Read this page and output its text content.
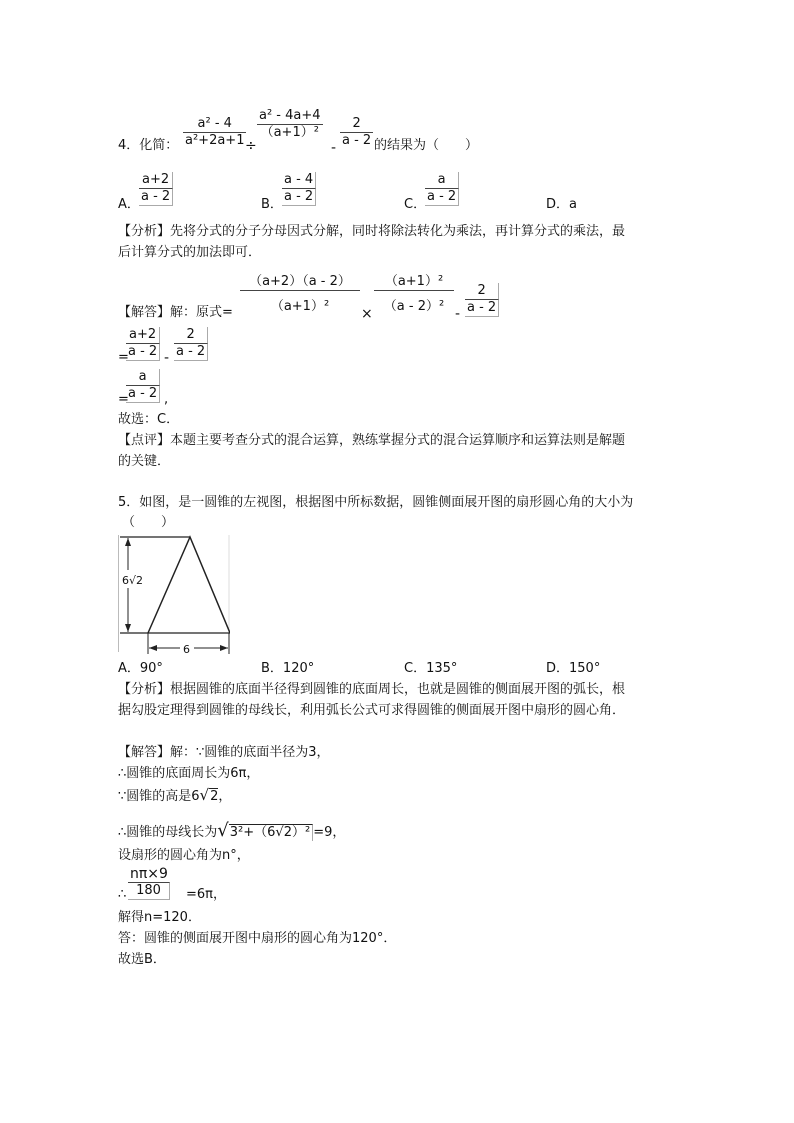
4．化简： $\frac{\text{a² - 4}}{\text{a²+2a+1}}$
÷
$\frac{\text{a² - 4a+4}}{\text{（a+1）²}}$
- $\frac{2}{a - 2}$ 的结果为（　　）
A． $\frac{a+2}{a - 2}$	B． $\frac{a - 4}{a - 2}$	C．
$\frac{a}{a - 2}$	D．a
【分析】先将分式的分子分母因式分解，同时将除法转化为乘法，再计算分式的乘法，最
后计算分式的加法即可．
【解答】解：原式= $\frac{(a+2)(a - 2)}{\text{（a+1）²}} \times \frac{\text{（a+1）²}}{\text{（a - 2）²}} - \frac{2}{a - 2}$
=
$\frac{a+2}{a - 2} - \frac{2}{a - 2}$
=
$\frac{a}{a - 2}$ ,
故选：C．
【点评】本题主要考查分式的混合运算，熟练掌握分式的混合运算顺序和运算法则是解题
的关键．
5．如图，是一圆锥的左视图，根据图中所标数据，圆锥侧面展开图的扇形圆心角的大小为
（　　）
6√2
6
A．90°	B．120°	C．135°	D．150°
【分析】根据圆锥的底面半径得到圆锥的底面周长，也就是圆锥的侧面展开图的弧长，根
据勾股定理得到圆锥的母线长，利用弧长公式可求得圆锥的侧面展开图中扇形的圆心角．
【解答】解：∵圆锥的底面半径为3，
∴圆锥的底面周长为6π，
∵圆锥的高是6√2，
∴圆锥的母线长为√3²+（6√2）² =9，
设扇形的圆心角为n°，
∴ $\frac{n\pi\times 9}{180} =6\pi$，
解得n=120．
答：圆锥的侧面展开图中扇形的圆心角为120°．
故选B．
